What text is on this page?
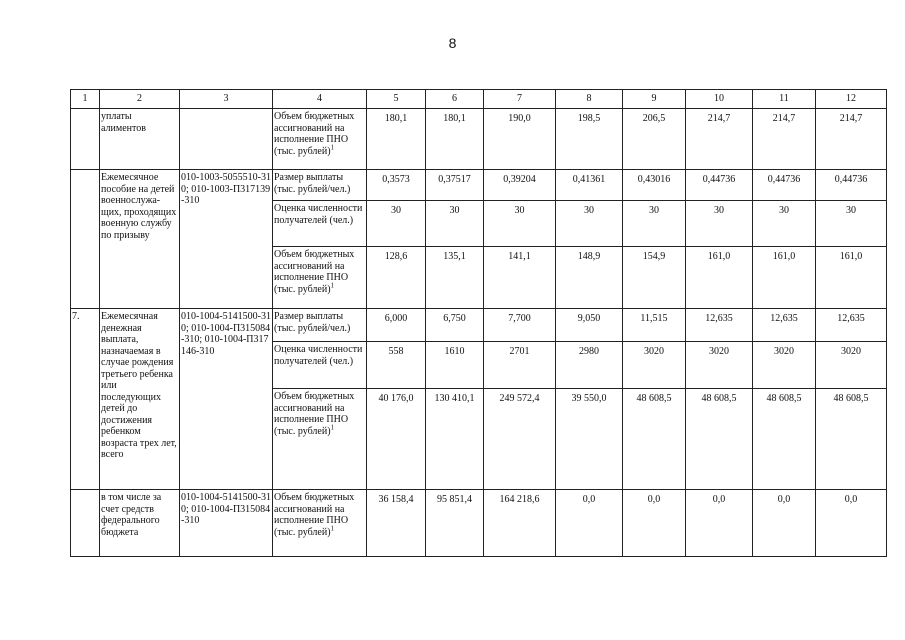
8
1	2	3	4	5	6	7	8	9	10	11	12
	уплаты алиментов		Объем бюджетных ассигнований на исполнение ПНО (тыс. рублей)$^1$	180,1	180,1	190,0	198,5	206,5	214,7	214,7	214,7
	Ежемесячное пособие на детей военнослужа-щих, проходящих военную службу по призыву	010-1003-5055510-310; 010-1003-П317139-310	Размер выплаты (тыс. рублей/чел.)	0,3573	0,37517	0,39204	0,41361	0,43016	0,44736	0,44736	0,44736
			Оценка численности получателей (чел.)	30	30	30	30	30	30	30	30
			Объем бюджетных ассигнований на исполнение ПНО (тыс. рублей)$^1$	128,6	135,1	141,1	148,9	154,9	161,0	161,0	161,0
7.	Ежемесячная денежная выплата, назначаемая в случае рождения третьего ребенка или последующих детей до достижения ребенком возраста трех лет, всего	010-1004-5141500-310; 010-1004-П315084-310; 010-1004-П317146-310	Размер выплаты (тыс. рублей/чел.)	6,000	6,750	7,700	9,050	11,515	12,635	12,635	12,635
			Оценка численности получателей (чел.)	558	1610	2701	2980	3020	3020	3020	3020
			Объем бюджетных ассигнований на исполнение ПНО (тыс. рублей)$^1$	40 176,0	130 410,1	249 572,4	39 550,0	48 608,5	48 608,5	48 608,5	48 608,5
	в том числе за счет средств федерального бюджета	010-1004-5141500-310; 010-1004-П315084-310	Объем бюджетных ассигнований на исполнение ПНО (тыс. рублей)$^1$	36 158,4	95 851,4	164 218,6	0,0	0,0	0,0	0,0	0,0
